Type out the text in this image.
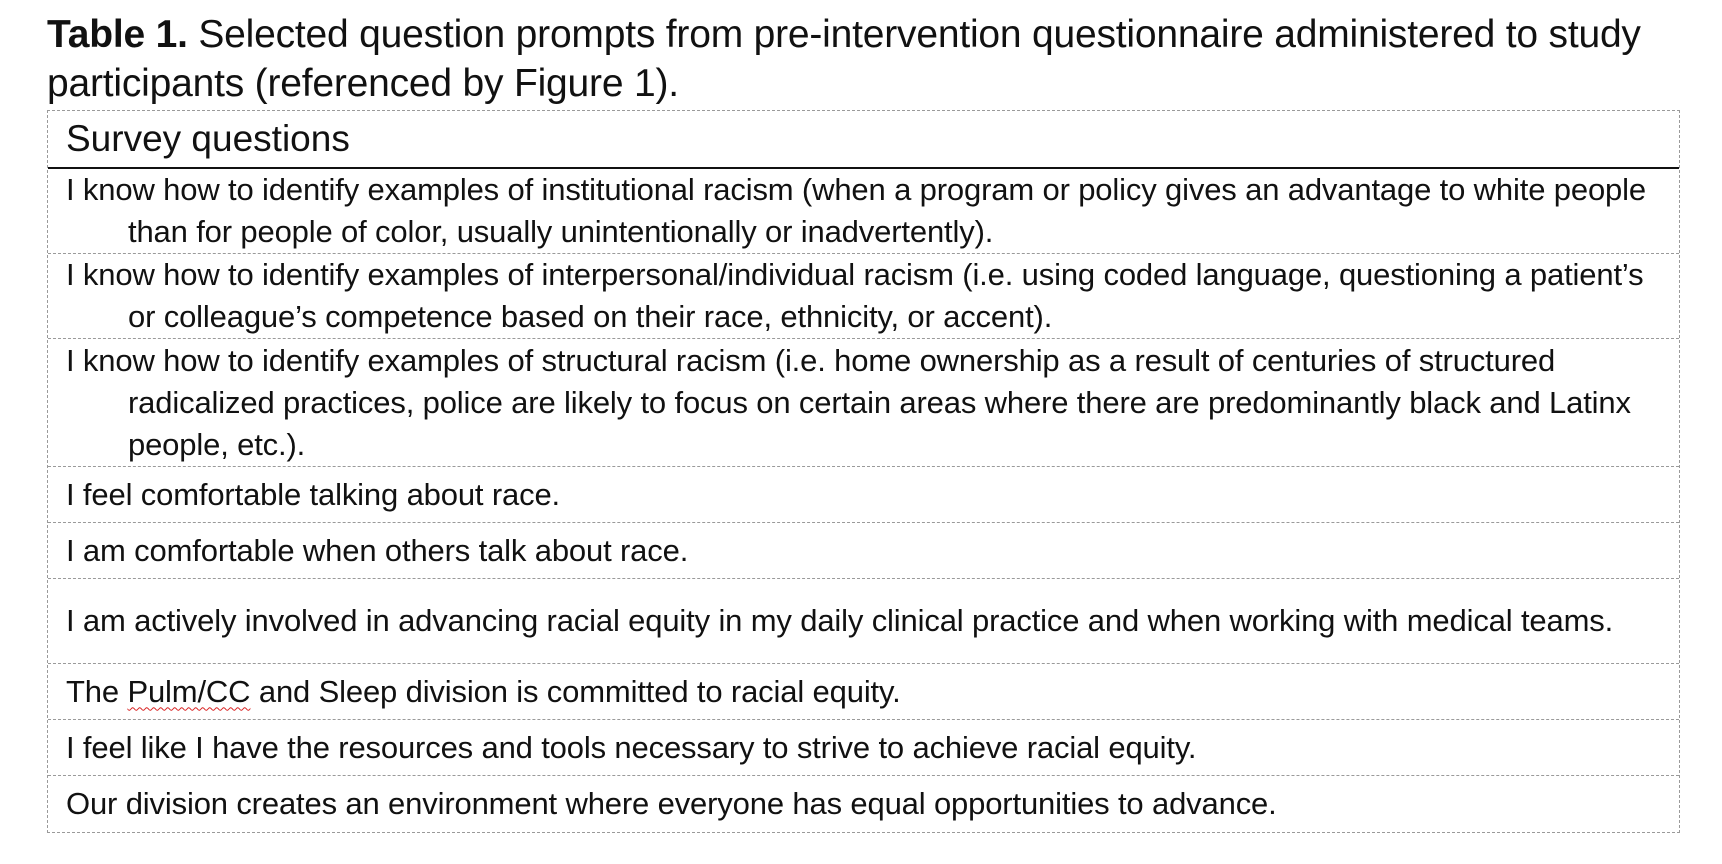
Table 1. Selected question prompts from pre-intervention questionnaire administered to study participants (referenced by Figure 1).
Survey questions
I know how to identify examples of institutional racism (when a program or policy gives an advantage to white people than for people of color, usually unintentionally or inadvertently).
I know how to identify examples of interpersonal/individual racism (i.e. using coded language, questioning a patient’s or colleague’s competence based on their race, ethnicity, or accent).
I know how to identify examples of structural racism (i.e. home ownership as a result of centuries of structured radicalized practices, police are likely to focus on certain areas where there are predominantly black and Latinx people, etc.).
I feel comfortable talking about race.
I am comfortable when others talk about race.
I am actively involved in advancing racial equity in my daily clinical practice and when working with medical teams.
The Pulm/CC and Sleep division is committed to racial equity.
I feel like I have the resources and tools necessary to strive to achieve racial equity.
Our division creates an environment where everyone has equal opportunities to advance.
